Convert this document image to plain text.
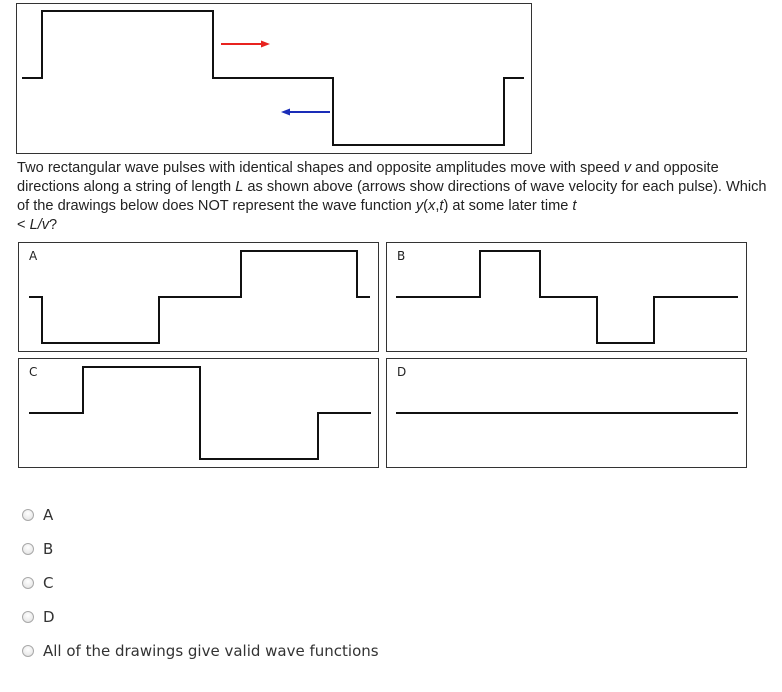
Two rectangular wave pulses with identical shapes and opposite amplitudes move with speed v and opposite directions along a string of length L as shown above (arrows show directions of wave velocity for each pulse). Which of the drawings below does NOT represent the wave function y(x,t) at some later time t
< L/v?
A	B
C	D
A
B
C
D
All of the drawings give valid wave functions
